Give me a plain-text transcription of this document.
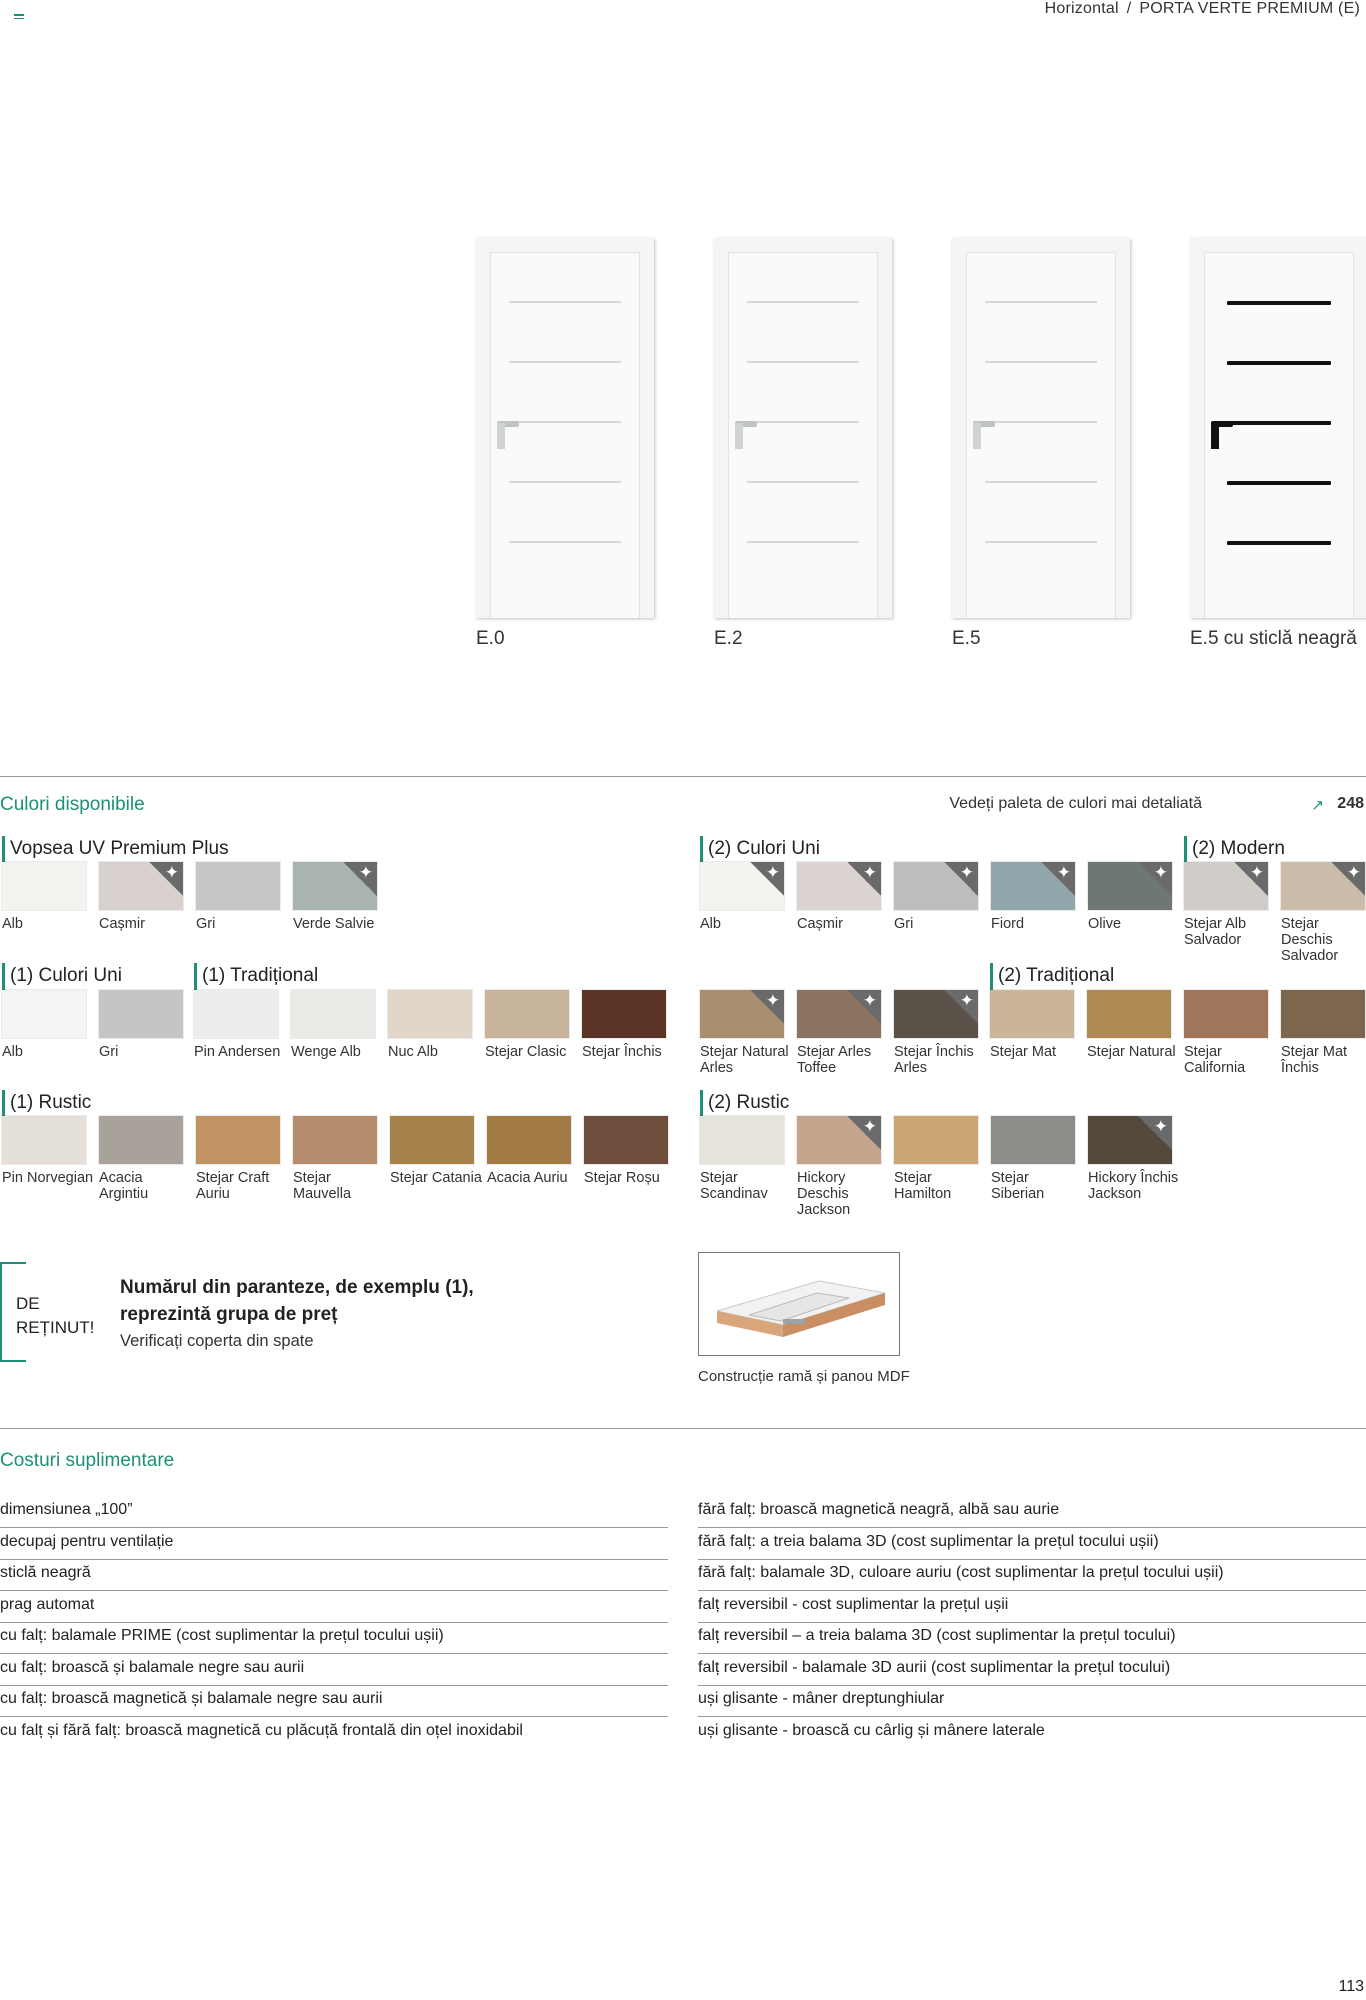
Horizontal / PORTA VERTE PREMIUM (E)
E.0	E.2	E.5	E.5 cu sticlă neagră
Culori disponibile	Vedeți paleta de culori mai detaliată	↗ 248
Vopsea UV Premium Plus
Alb
✦	Cașmir	Gri
✦	Verde Salvie
(2) Culori Uni
✦
Alb
✦	Cașmir
✦	Gri
✦	Fiord
✦	Olive
(2) Modern
✦
Stejar Alb Salvador
✦
Stejar Deschis Salvador
(1) Culori Uni
Alb	Gri
(1) Tradițional
Pin Andersen Wenge Alb	Nuc Alb	Stejar Clasic	Stejar Închis
✦	Stejar Natural Arles
✦
Stejar Arles Toffee
✦
Stejar Închis Arles
(2) Tradițional
Stejar Mat	Stejar Natural Stejar California
Stejar Mat Închis
(1) Rustic
Pin Norvegian Acacia Argintiu
Stejar Craft Auriu
Stejar Mauvella
Stejar Catania Acacia Auriu	Stejar Roșu
(2) Rustic
Stejar Scandinav
✦
Hickory Deschis Jackson
Stejar Hamilton
Stejar Siberian
✦
Hickory Închis Jackson
DE
REȚINUT!
Numărul din paranteze, de exemplu (1), reprezintă grupa de preț
Verificați coperta din spate
Construcție ramă și panou MDF
Costuri suplimentare
dimensiunea „100”
decupaj pentru ventilație
sticlă neagră
prag automat
cu falț: balamale PRIME (cost suplimentar la prețul tocului ușii)
cu falț: broască și balamale negre sau aurii
cu falț: broască magnetică și balamale negre sau aurii
cu falț și fără falț: broască magnetică cu plăcuță frontală din oțel inoxidabil
fără falț: broască magnetică neagră, albă sau aurie
fără falț: a treia balama 3D (cost suplimentar la prețul tocului ușii)
fără falț: balamale 3D, culoare auriu (cost suplimentar la prețul tocului ușii)
falț reversibil - cost suplimentar la prețul ușii
falț reversibil – a treia balama 3D (cost suplimentar la prețul tocului)
falț reversibil - balamale 3D aurii (cost suplimentar la prețul tocului)
uși glisante - mâner dreptunghiular
uși glisante - broască cu cârlig și mânere laterale
113
